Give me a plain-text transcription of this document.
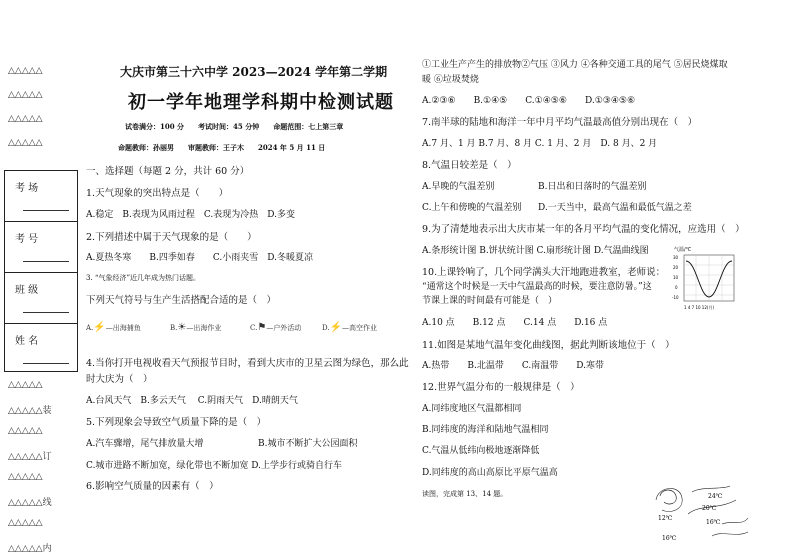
△△△△△
△△△△△
△△△△△
△△△△△
考 场
考 号
班 级
姓 名
△△△△△
△△△△△装
△△△△△
△△△△△订
△△△△△
△△△△△线
△△△△△
△△△△△内
大庆市第三十六中学 2023—2024 学年第二学期
初一学年地理学科期中检测试题
试卷满分：100 分　　考试时间：45 分钟　　命题范围：七上第三章
命题教师：孙丽男　　审题教师：王子木　　2024 年 5 月 11 日
一、选择题（每题 2 分，共计 60 分）
1.天气现象的突出特点是（　　）
A.稳定　B.表现为风雨过程　C.表现为冷热　D.多变
2.下列措述中属于天气现象的是（　　）
A.夏热冬寒　　B.四季如春　　C.小雨夹雪　D.冬暖夏凉
3. “气象经济”近几年成为热门话题。
下列天气符号与生产生活搭配合适的是（　）
A.⚡—出海捕鱼	B.☀—出海作业	C.⚑—户外活动	D.⚡—高空作业
4.当你打开电视收看天气预报节目时，看到大庆市的卫星云图为绿色，那么此
时大庆为（　）
A.台风天气　B.多云天气　 C.阴雨天气　D.晴朗天气
5.下列现象会导致空气质量下降的是（　）
A.汽车骤增，尾气排放量大增	B.城市不断扩大公园面积
C.城市进路不断加宽，绿化带也不断加宽 D.上学步行或骑自行车
6.影响空气质量的因素有（　）
①工业生产产生的排放物②气压 ③风力 ④各种交通工具的尾气 ⑤居民烧煤取
暖 ⑥垃圾焚烧
A.②③⑥　　B.①④⑤　　C.①④⑤⑥　　D.①③④⑤⑥
7.南半球的陆地和海洋一年中月平均气温最高值分别出现在（　）
A.7 月、1 月 B.7 月、8 月 C. 1 月、2 月　D. 8 月、2 月
8.气温日较差是（　）
A.早晚的气温差别	B.日出和日落时的气温差别
C.上午和傍晚的气温差别 D.一天当中，最高气温和最低气温之差
9.为了清楚地表示出大庆市某一年的各月平均气温的变化情况，应选用（　）
A.条形统计图 B.饼状统计图 C.扇形统计图 D.气温曲线图
10.上课铃响了，几个同学满头大汗地跑进教室，老师说：
“通常这个时候是一天中气温最高的时候，要注意防暑。”这
节课上课的时间最有可能是（　）
A.10 点　　B.12 点　　C.14 点　　D.16 点
11.如图是某地气温年变化曲线图，据此判断该地位于（　）
A.热带　　B.北温带　　C.南温带　　D.寒带
12.世界气温分布的一般规律是（　）
A.同纬度地区气温都相同
B.同纬度的海洋和陆地气温相同
C.气温从低纬向极地逐渐降低
D.同纬度的高山高原比平原气温高
读图，完成第 13、14 题。
气温/℃
30
20
10
0
-10
1 4 7 10 12(月)
24℃
20℃
16℃
12℃
16℃
